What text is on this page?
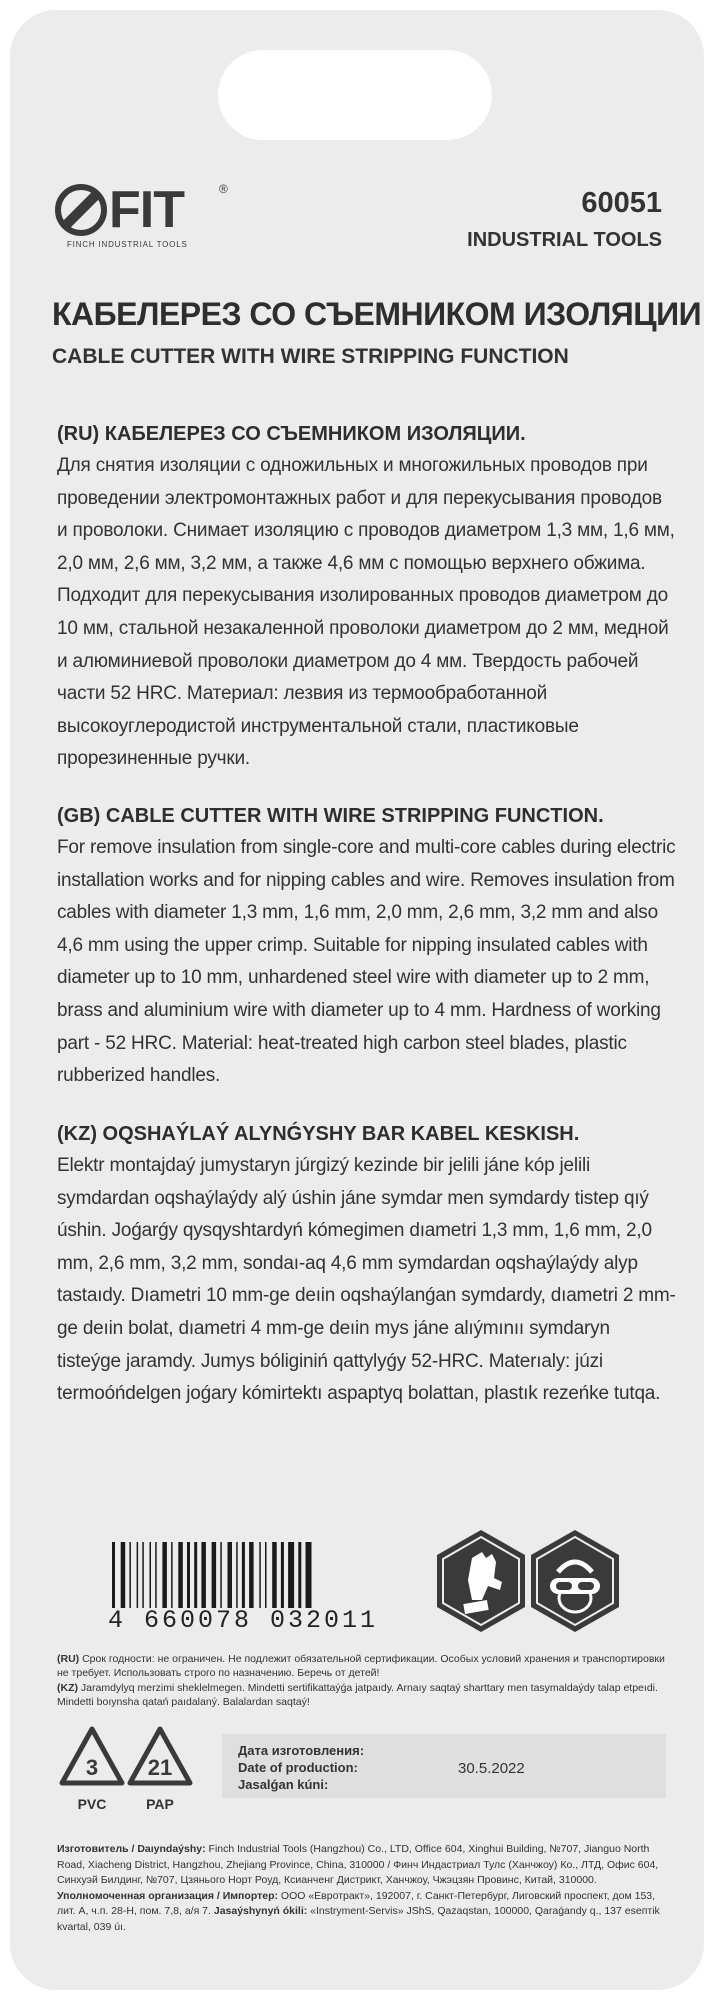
FIT	®
FINCH INDUSTRIAL TOOLS
60051
INDUSTRIAL TOOLS
КАБЕЛЕРЕЗ СО СЪЕМНИКОМ ИЗОЛЯЦИИ
CABLE CUTTER WITH WIRE STRIPPING FUNCTION
(RU) КАБЕЛЕРЕЗ СО СЪЕМНИКОМ ИЗОЛЯЦИИ.

Для снятия изоляции с одножильных и многожильных проводов при проведении электромонтажных работ и для перекусывания проводов и проволоки. Снимает изоляцию с проводов диаметром 1,3 мм, 1,6 мм, 2,0 мм, 2,6 мм, 3,2 мм, а также 4,6 мм с помощью верхнего обжима. Подходит для перекусывания изолированных проводов диаметром до 10 мм, стальной незакаленной проволоки диаметром до 2 мм, медной и алюминиевой проволоки диаметром до 4 мм. Твердость рабочей части 52 HRC. Материал: лезвия из термообработанной высокоуглеродистой инструментальной стали, пластиковые прорезиненные ручки.

(GB) CABLE CUTTER WITH WIRE STRIPPING FUNCTION.

For remove insulation from single-core and multi-core cables during electric installation works and for nipping cables and wire. Removes insulation from cables with diameter 1,3 mm, 1,6 mm, 2,0 mm, 2,6 mm, 3,2 mm and also 4,6 mm using the upper crimp. Suitable for nipping insulated cables with diameter up to 10 mm, unhardened steel wire with diameter up to 2 mm, brass and aluminium wire with diameter up to 4 mm. Hardness of working part - 52 HRC. Material: heat-treated high carbon steel blades, plastic rubberized handles.

(KZ) OQSHAÝLAÝ ALYNǴYSHY BAR KABEL KESKISH.

Elektr montajdaý jumystaryn júrgizý kezinde bir jelili jáne kóp jelili symdardan oqshaýlaýdy alý úshin jáne symdar men symdardy tistep qıý úshin. Joǵarǵy qysqyshtardyń kómegimen dıametri 1,3 mm, 1,6 mm, 2,0 mm, 2,6 mm, 3,2 mm, sondaı-aq 4,6 mm symdardan oqshaýlaýdy alyp tastaıdy. Dıametri 10 mm-ge deıin oqshaýlanǵan symdardy, dıametri 2 mm-ge deıin bolat, dıametri 4 mm-ge deıin mys jáne alıýmınıı symdaryn tisteýge jaramdy. Jumys bóliginiń qattylyǵy 52-HRC. Materıaly: júzi termoóńdelgen joǵary kómirtektı aspaptyq bolattan, plastık rezeńke tutqa.

4 660078 032011
(RU) Срок годности: не ограничен. Не подлежит обязательной сертификации. Особых условий хранения и транспортировки не требует. Использовать строго по назначению. Беречь от детей!
(KZ) Jaramdylyq merzimi sheklelmegen. Mindetti sertifikattaýǵa jatpaıdy. Arnaıy saqtaý sharttary men tasymaldaýdy talap etpeıdi. Mindetti boıynsha qatań paıdalaný. Balalardan saqtaý!
3
PVC
21
PAP
Дата изготовления:
Date of production:
Jasalǵan kúni:
30.5.2022
Изготовитель / Daıyndaýshy: Finch Industrial Tools (Hangzhou) Co., LTD, Office 604, Xinghui Building, №707, Jianguo North Road, Xiacheng District, Hangzhou, Zhejiang Province, China, 310000 / Финч Индастриал Тулс (Ханчжоу) Ко., ЛТД, Офис 604, Синхуэй Билдинг, №707, Цзянього Норт Роуд, Ксианченг Дистрикт, Ханчжоу, Чжэцзян Провинс, Китай, 310000. Уполномоченная организация / Импортер: ООО «Евротракт», 192007, г. Санкт-Петербург, Лиговский проспект, дом 153, лит. А, ч.п. 28-Н, пом. 7,8, а/я 7. Jasaýshynyń ókili: «Instryment-Servis» JShS, Qazaqstan, 100000, Qaraǵandy q., 137 esептik kvartal, 039 úı.
